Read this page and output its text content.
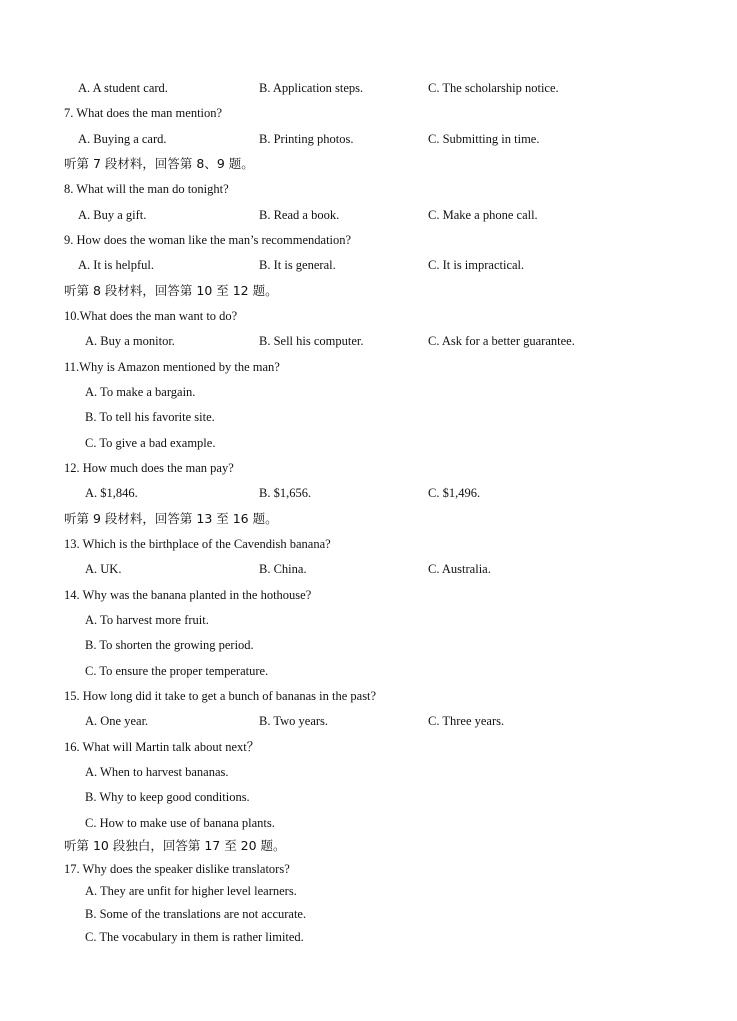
A. A student card.	B. Application steps.	C. The scholarship notice.
7. What does the man mention?
A. Buying a card.	B. Printing photos.	C. Submitting in time.
听第 7 段材料，回答第 8、9 题。
8. What will the man do tonight?
A. Buy a gift.	B. Read a book.	C. Make a phone call.
9. How does the woman like the man’s recommendation?
A. It is helpful.	B. It is general.	C. It is impractical.
听第 8 段材料，回答第 10 至 12 题。
10.What does the man want to do?
A. Buy a monitor.	B. Sell his computer.	C. Ask for a better guarantee.
11.Why is Amazon mentioned by the man?
A. To make a bargain.
B. To tell his favorite site.
C. To give a bad example.
12. How much does the man pay?
A. $1,846.	B. $1,656.	C. $1,496.
听第 9 段材料，回答第 13 至 16 题。
13. Which is the birthplace of the Cavendish banana?
A. UK.	B. China.	C. Australia.
14. Why was the banana planted in the hothouse?
A. To harvest more fruit.
B. To shorten the growing period.
C. To ensure the proper temperature.
15. How long did it take to get a bunch of bananas in the past?
A. One year.	B. Two years.	C. Three years.
16. What will Martin talk about next？
A. When to harvest bananas.
B. Why to keep good conditions.
C. How to make use of banana plants.
听第 10 段独白，回答第 17 至 20 题。
17. Why does the speaker dislike translators?
A. They are unfit for higher level learners.
B. Some of the translations are not accurate.
C. The vocabulary in them is rather limited.
